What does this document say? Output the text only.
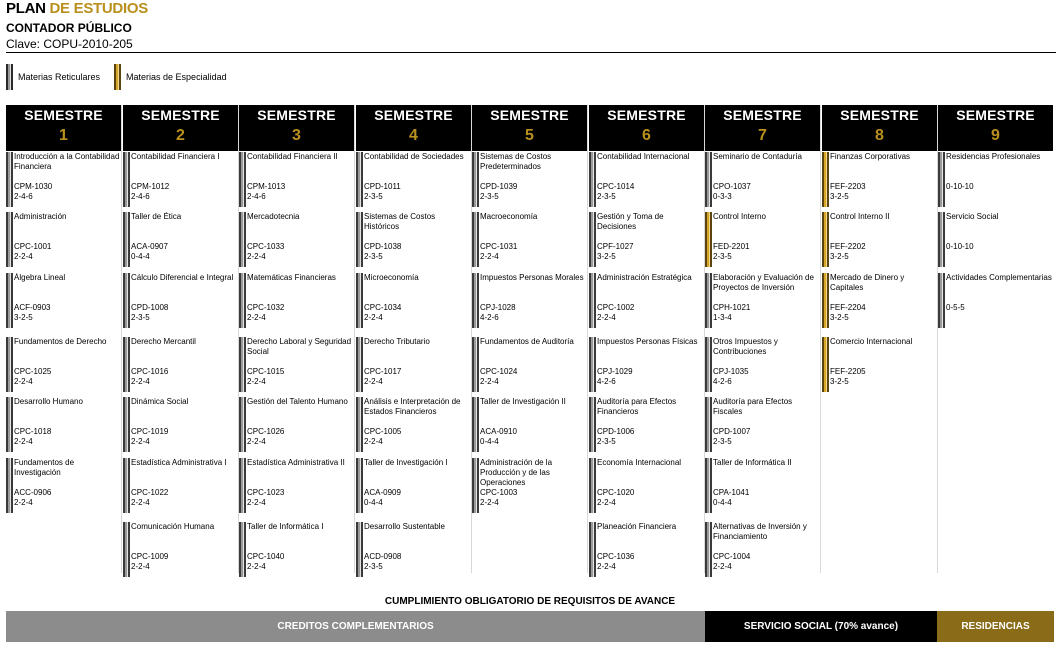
PLAN DE ESTUDIOS
CONTADOR PÚBLICO
Clave: COPU-2010-205
Materias Reticulares	Materias de Especialidad
SEMESTRE
1
Introducción a la Contabilidad Financiera
CPM-1030
2-4-6
Administración
CPC-1001
2-2-4
Álgebra Lineal
ACF-0903
3-2-5
Fundamentos de Derecho
CPC-1025
2-2-4
Desarrollo Humano
CPC-1018
2-2-4
Fundamentos de Investigación
ACC-0906
2-2-4
SEMESTRE
2
Contabilidad Financiera I
CPM-1012
2-4-6
Taller de Ética
ACA-0907
0-4-4
Cálculo Diferencial e Integral
CPD-1008
2-3-5
Derecho Mercantil
CPC-1016
2-2-4
Dinámica Social
CPC-1019
2-2-4
Estadística Administrativa I
CPC-1022
2-2-4
Comunicación Humana
CPC-1009
2-2-4
SEMESTRE
3
Contabilidad Financiera II
CPM-1013
2-4-6
Mercadotecnia
CPC-1033
2-2-4
Matemáticas Financieras
CPC-1032
2-2-4
Derecho Laboral y Seguridad Social
CPC-1015
2-2-4
Gestión del Talento Humano
CPC-1026
2-2-4
Estadística Administrativa II
CPC-1023
2-2-4
Taller de Informática I
CPC-1040
2-2-4
SEMESTRE
4
Contabilidad de Sociedades
CPD-1011
2-3-5
Sistemas de Costos Históricos
CPD-1038
2-3-5
Microeconomía
CPC-1034
2-2-4
Derecho Tributario
CPC-1017
2-2-4
Análisis e Interpretación de Estados Financieros
CPC-1005
2-2-4
Taller de Investigación I
ACA-0909
0-4-4
Desarrollo Sustentable
ACD-0908
2-3-5
SEMESTRE
5
Sistemas de Costos Predeterminados
CPD-1039
2-3-5
Macroeconomía
CPC-1031
2-2-4
Impuestos Personas Morales
CPJ-1028
4-2-6
Fundamentos de Auditoría
CPC-1024
2-2-4
Taller de Investigación II
ACA-0910
0-4-4
Administración de la Producción y de las Operaciones
CPC-1003
2-2-4
SEMESTRE
6
Contabilidad Internacional
CPC-1014
2-3-5
Gestión y Toma de Decisiones
CPF-1027
3-2-5
Administración Estratégica
CPC-1002
2-2-4
Impuestos Personas Físicas
CPJ-1029
4-2-6
Auditoría para Efectos Financieros
CPD-1006
2-3-5
Economía Internacional
CPC-1020
2-2-4
Planeación Financiera
CPC-1036
2-2-4
SEMESTRE
7
Seminario de Contaduría
CPO-1037
0-3-3
Control Interno
FED-2201
2-3-5
Elaboración y Evaluación de Proyectos de Inversión
CPH-1021
1-3-4
Otros Impuestos y Contribuciones
CPJ-1035
4-2-6
Auditoría para Efectos Fiscales
CPD-1007
2-3-5
Taller de Informática II
CPA-1041
0-4-4
Alternativas de Inversión y Financiamiento
CPC-1004
2-2-4
SEMESTRE
8
Finanzas Corporativas
FEF-2203
3-2-5
Control Interno II
FEF-2202
3-2-5
Mercado de Dinero y Capitales
FEF-2204
3-2-5
Comercio Internacional
FEF-2205
3-2-5
SEMESTRE
9
Residencias Profesionales
0-10-10
Servicio Social
0-10-10
Actividades Complementarias
0-5-5
CUMPLIMIENTO OBLIGATORIO DE REQUISITOS DE AVANCE
CREDITOS COMPLEMENTARIOS	SERVICIO SOCIAL (70% avance)	RESIDENCIAS
